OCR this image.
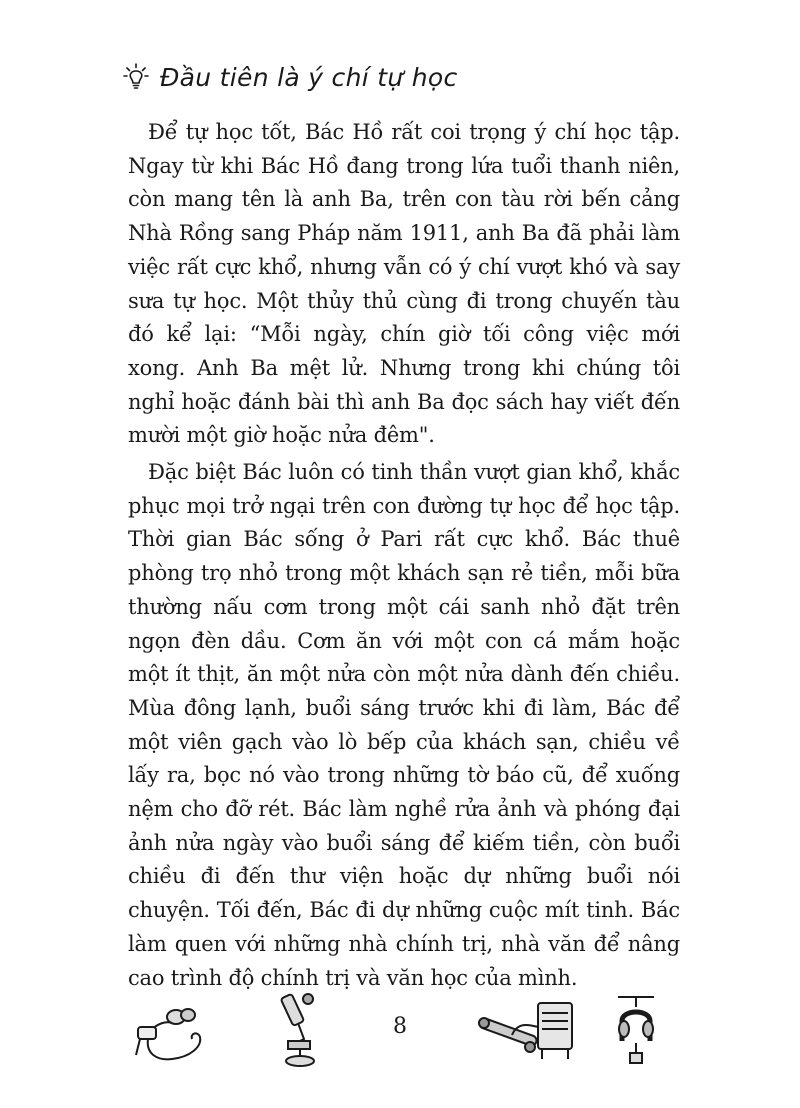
Đầu tiên là ý chí tự học

Để tự học tốt, Bác Hồ rất coi trọng ý chí học tập. Ngay từ khi Bác Hồ đang trong lứa tuổi thanh niên, còn mang tên là anh Ba, trên con tàu rời bến cảng Nhà Rồng sang Pháp năm 1911, anh Ba đã phải làm việc rất cực khổ, nhưng vẫn có ý chí vượt khó và say sưa tự học. Một thủy thủ cùng đi trong chuyến tàu đó kể lại: “Mỗi ngày, chín giờ tối công việc mới xong. Anh Ba mệt lử. Nhưng trong khi chúng tôi nghỉ hoặc đánh bài thì anh Ba đọc sách hay viết đến mười một giờ hoặc nửa đêm".

Đặc biệt Bác luôn có tinh thần vượt gian khổ, khắc phục mọi trở ngại trên con đường tự học để học tập. Thời gian Bác sống ở Pari rất cực khổ. Bác thuê phòng trọ nhỏ trong một khách sạn rẻ tiền, mỗi bữa thường nấu cơm trong một cái sanh nhỏ đặt trên ngọn đèn dầu. Cơm ăn với một con cá mắm hoặc một ít thịt, ăn một nửa còn một nửa dành đến chiều. Mùa đông lạnh, buổi sáng trước khi đi làm, Bác để một viên gạch vào lò bếp của khách sạn, chiều về lấy ra, bọc nó vào trong những tờ báo cũ, để xuống nệm cho đỡ rét. Bác làm nghề rửa ảnh và phóng đại ảnh nửa ngày vào buổi sáng để kiếm tiền, còn buổi chiều đi đến thư viện hoặc dự những buổi nói chuyện. Tối đến, Bác đi dự những cuộc mít tinh. Bác làm quen với những nhà chính trị, nhà văn để nâng cao trình độ chính trị và văn học của mình.

8
